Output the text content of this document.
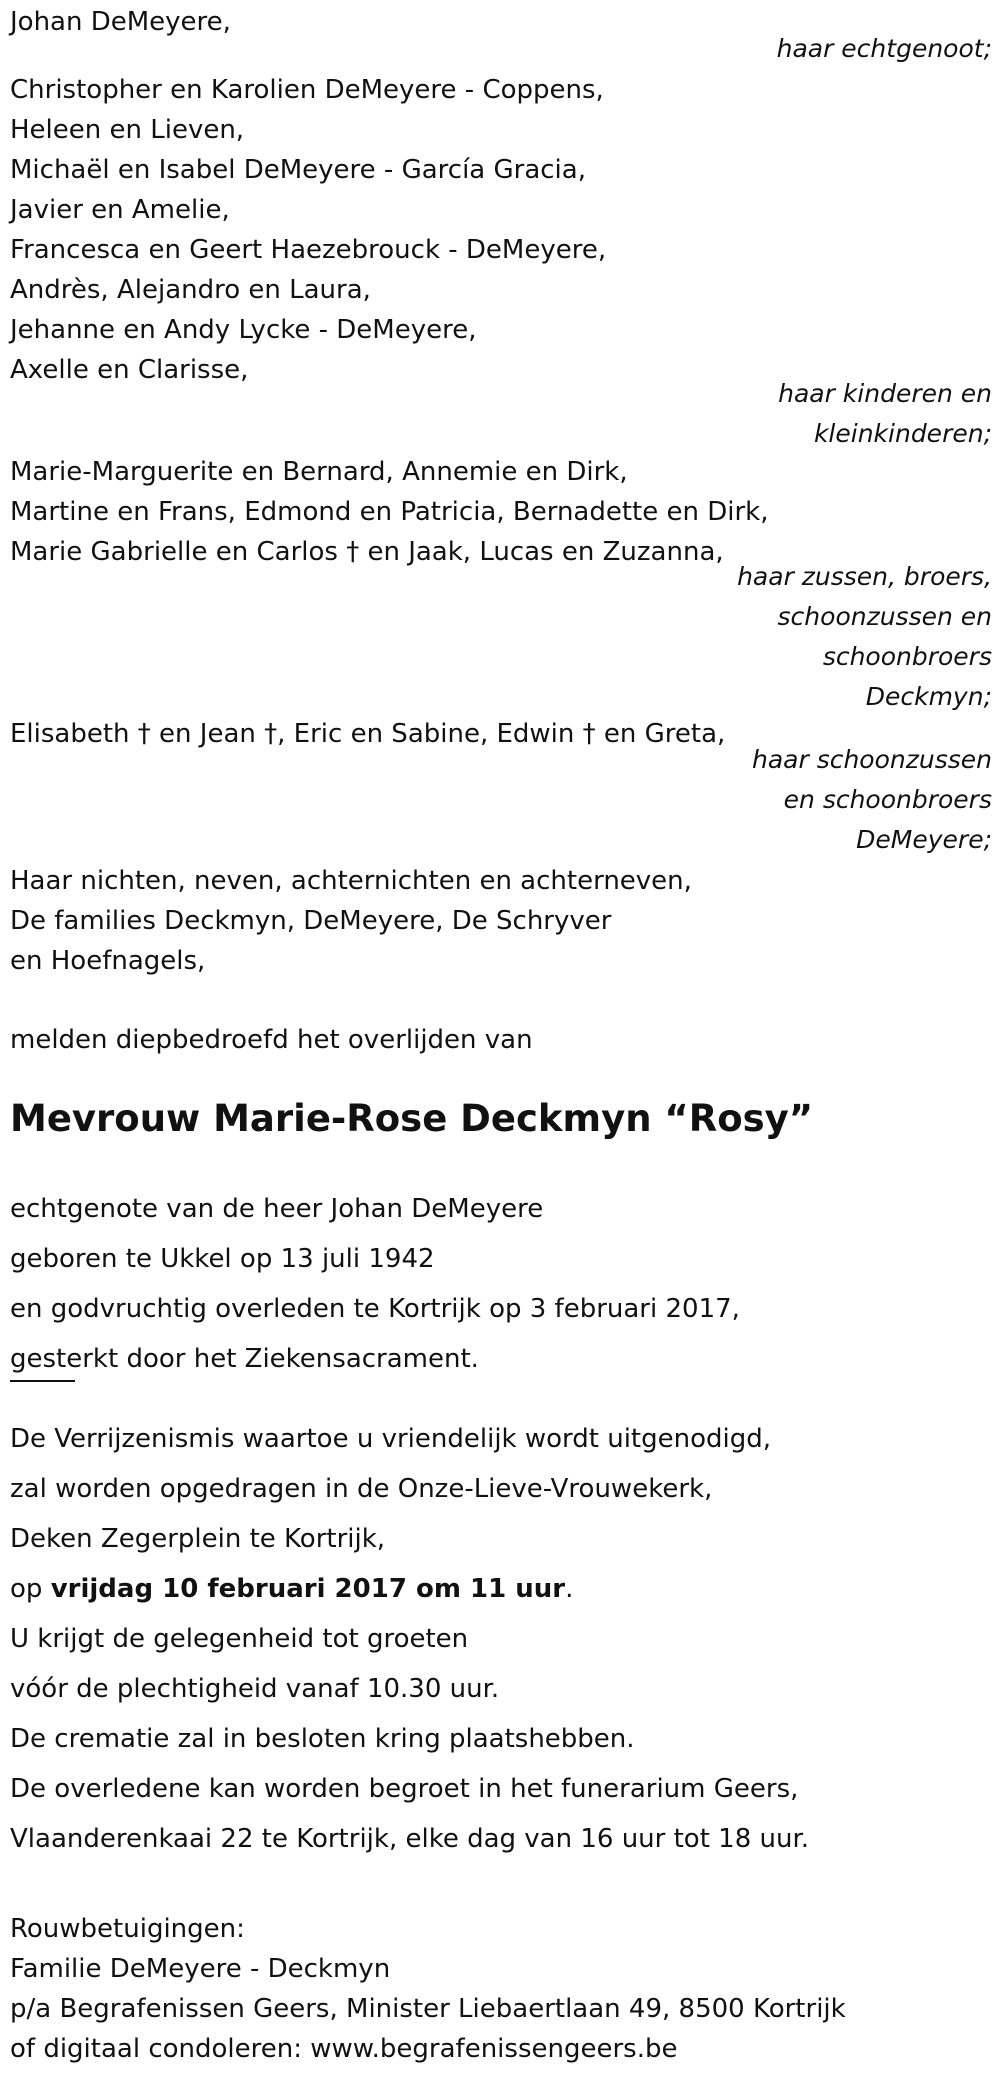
Johan DeMeyere,
haar echtgenoot;
Christopher en Karolien DeMeyere - Coppens,
Heleen en Lieven,
Michaël en Isabel DeMeyere - García Gracia,
Javier en Amelie,
Francesca en Geert Haezebrouck - DeMeyere,
Andrès, Alejandro en Laura,
Jehanne en Andy Lycke - DeMeyere,
Axelle en Clarisse,
haar kinderen en
kleinkinderen;
Marie-Marguerite en Bernard, Annemie en Dirk,
Martine en Frans, Edmond en Patricia, Bernadette en Dirk,
Marie Gabrielle en Carlos † en Jaak, Lucas en Zuzanna,
haar zussen, broers,
schoonzussen en
schoonbroers
Deckmyn;
Elisabeth † en Jean †, Eric en Sabine, Edwin † en Greta,
haar schoonzussen
en schoonbroers
DeMeyere;
Haar nichten, neven, achternichten en achterneven,
De families Deckmyn, DeMeyere, De Schryver
en Hoefnagels,
melden diepbedroefd het overlijden van
Mevrouw Marie-Rose Deckmyn “Rosy”
echtgenote van de heer Johan DeMeyere
geboren te Ukkel op 13 juli 1942
en godvruchtig overleden te Kortrijk op 3 februari 2017,
gesterkt door het Ziekensacrament.
De Verrijzenismis waartoe u vriendelijk wordt uitgenodigd,
zal worden opgedragen in de Onze-Lieve-Vrouwekerk,
Deken Zegerplein te Kortrijk,
op vrijdag 10 februari 2017 om 11 uur.
U krijgt de gelegenheid tot groeten
vóór de plechtigheid vanaf 10.30 uur.
De crematie zal in besloten kring plaatshebben.
De overledene kan worden begroet in het funerarium Geers,
Vlaanderenkaai 22 te Kortrijk, elke dag van 16 uur tot 18 uur.
Rouwbetuigingen:
Familie DeMeyere - Deckmyn
p/a Begrafenissen Geers, Minister Liebaertlaan 49, 8500 Kortrijk
of digitaal condoleren: www.begrafenissengeers.be
